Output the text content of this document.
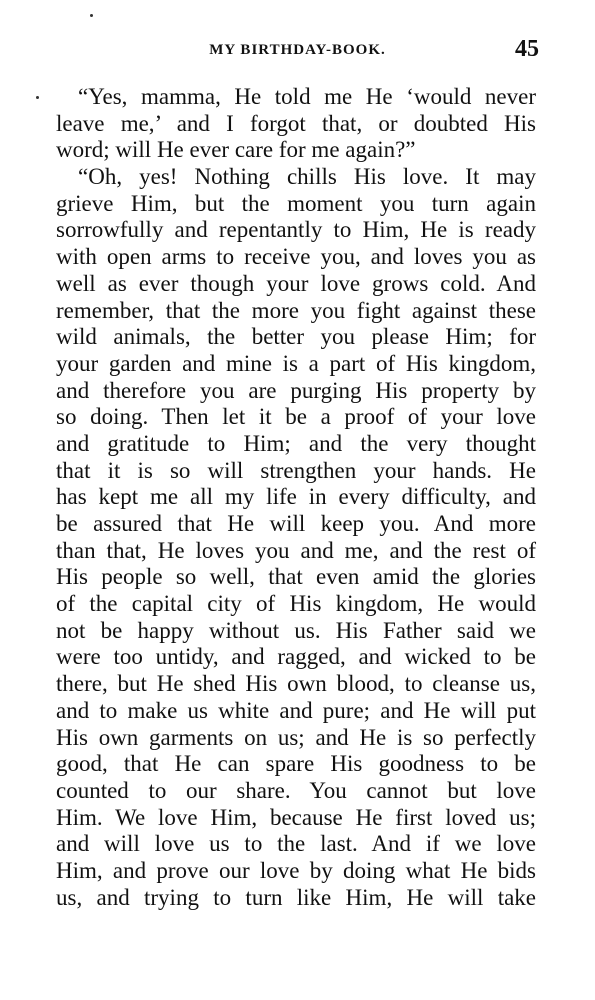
MY BIRTHDAY-BOOK.	45
“Yes, mamma, He told me He ‘would never
leave me,’ and I forgot that, or doubted His
word; will He ever care for me again?”
“Oh, yes! Nothing chills His love. It may
grieve Him, but the moment you turn again
sorrowfully and repentantly to Him, He is ready
with open arms to receive you, and loves you as
well as ever though your love grows cold. And
remember, that the more you fight against these
wild animals, the better you please Him; for
your garden and mine is a part of His kingdom,
and therefore you are purging His property by
so doing. Then let it be a proof of your love
and gratitude to Him; and the very thought
that it is so will strengthen your hands. He
has kept me all my life in every difficulty, and
be assured that He will keep you. And more
than that, He loves you and me, and the rest of
His people so well, that even amid the glories
of the capital city of His kingdom, He would
not be happy without us. His Father said we
were too untidy, and ragged, and wicked to be
there, but He shed His own blood, to cleanse us,
and to make us white and pure; and He will put
His own garments on us; and He is so perfectly
good, that He can spare His goodness to be
counted to our share. You cannot but love
Him. We love Him, because He first loved us;
and will love us to the last. And if we love
Him, and prove our love by doing what He bids
us, and trying to turn like Him, He will take
